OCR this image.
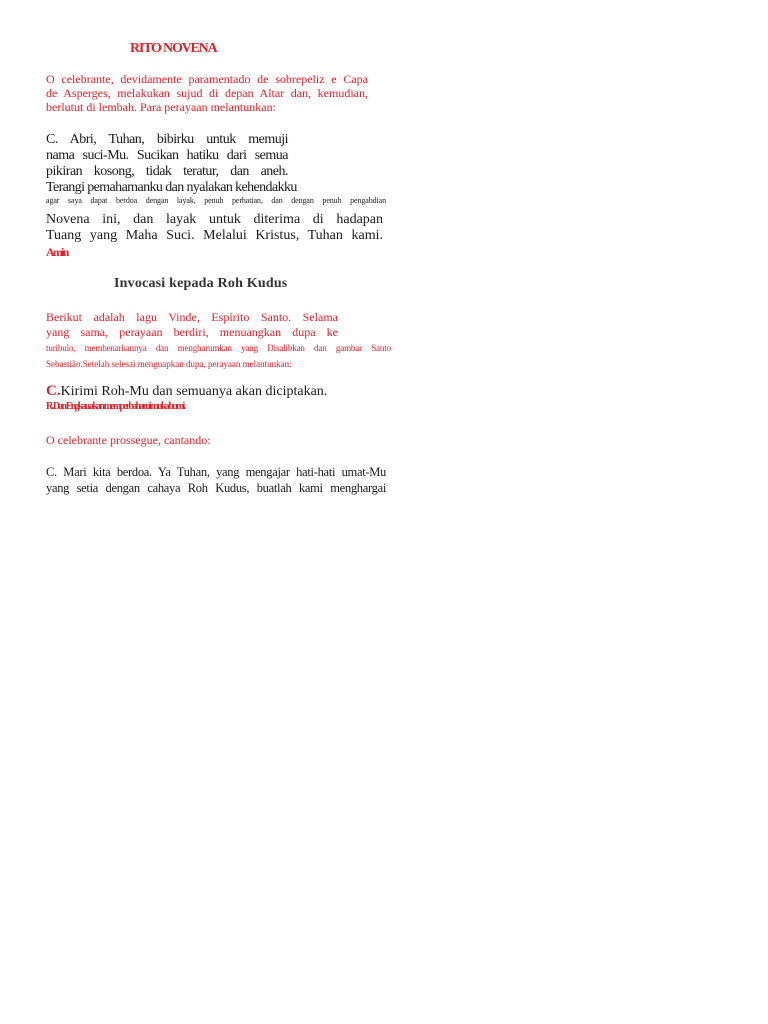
RITO NOVENA
O celebrante, devidamente paramentado de sobrepeliz e Capa
de Asperges, melakukan sujud di depan Altar dan, kemudian,
berlutut di lembah. Para perayaan melantunkan:
C. Abri, Tuhan, bibirku untuk memuji
nama suci-Mu. Sucikan hatiku dari semua
pikiran kosong, tidak teratur, dan aneh.
Terangi pemahamanku dan nyalakan kehendakku
agar saya dapat berdoa dengan layak, penuh perhatian, dan dengan penuh pengabdian
Novena ini, dan layak untuk diterima di hadapan
Tuang yang Maha Suci. Melalui Kristus, Tuhan kami.
Amin
Invocasi kepada Roh Kudus
Berikut adalah lagu Vinde, Espírito Santo. Selama
yang sama, perayaan berdiri, menuangkan dupa ke
turibulo, membenarkannya dan mengharumkan yang Disalibkan dan gambar Santo
Sebastião.Setelah selesai menguapkan dupa, perayaan melantunkan:
C.Kirimi Roh-Mu dan semuanya akan diciptakan.
R. Dan Engkau akan memperbaharui muka bumi.
O celebrante prossegue, cantando:
C. Mari kita berdoa. Ya Tuhan, yang mengajar hati-hati umat-Mu
yang setia dengan cahaya Roh Kudus, buatlah kami menghargai
